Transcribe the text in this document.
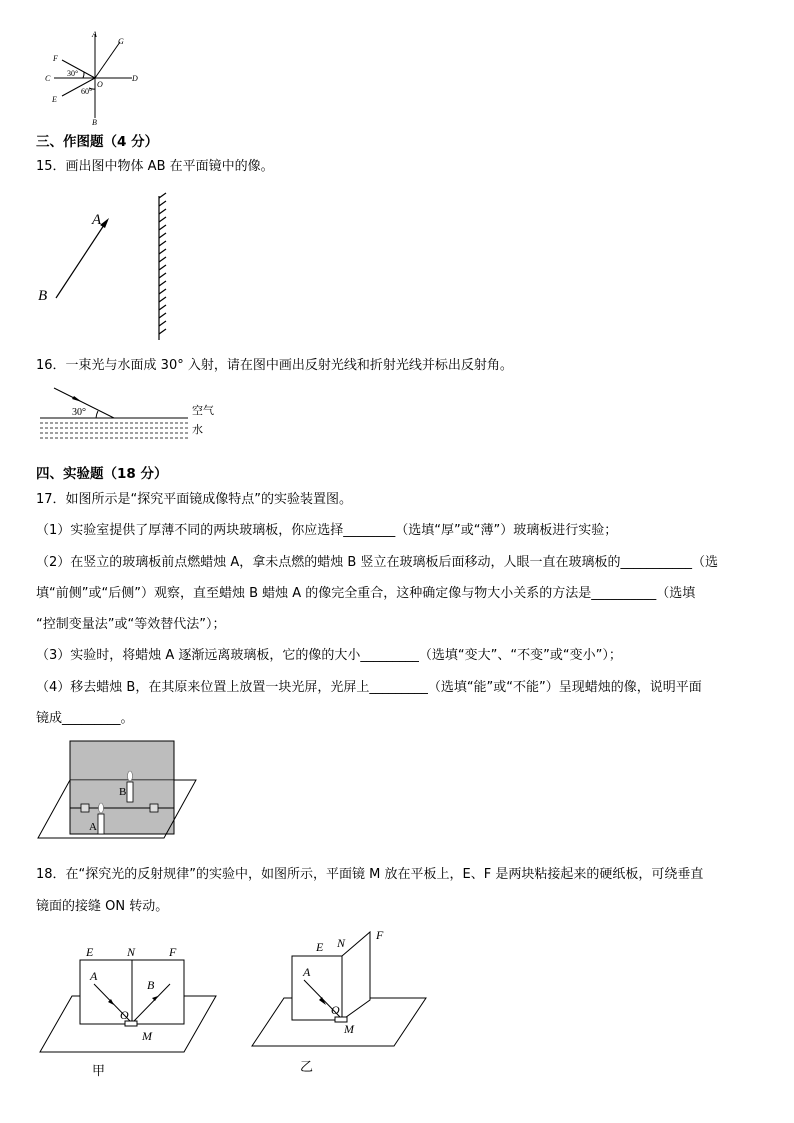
A
B
C	D
E
F
G
O
30°
60°
三、作图题（4 分）
15．画出图中物体 AB 在平面镜中的像。
A
B
16．一束光与水面成 30° 入射，请在图中画出反射光线和折射光线并标出反射角。
30°	空气
水
四、实验题（18 分）
17．如图所示是“探究平面镜成像特点”的实验装置图。
（1）实验室提供了厚薄不同的两块玻璃板，你应选择________（选填“厚”或“薄”）玻璃板进行实验；
（2）在竖立的玻璃板前点燃蜡烛 A，拿未点燃的蜡烛 B 竖立在玻璃板后面移动，人眼一直在玻璃板的___________（选
填“前侧”或“后侧”）观察，直至蜡烛 B 蜡烛 A 的像完全重合，这种确定像与物大小关系的方法是__________（选填
“控制变量法”或“等效替代法”）；
（3）实验时，将蜡烛 A 逐渐远离玻璃板，它的像的大小_________（选填“变大”、“不变”或“变小”）；
（4）移去蜡烛 B，在其原来位置上放置一块光屏，光屏上_________（选填“能”或“不能”）呈现蜡烛的像，说明平面
镜成_________。
B
A
18．在“探究光的反射规律”的实验中，如图所示，平面镜 M 放在平板上，E、F 是两块粘接起来的硬纸板，可绕垂直
镜面的接缝 ON 转动。
E	N	F
A
B
O
M
甲
E N
F
A
O
M
乙
